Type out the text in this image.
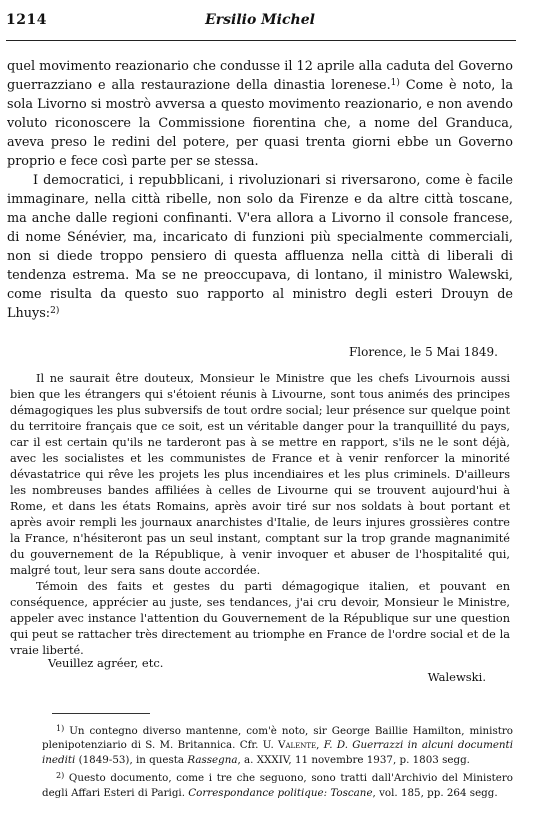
1214	Ersilio Michel

quel movimento reazionario che condusse il 12 aprile alla caduta del Governo guerrazziano e alla restaurazione della dinastia lorenese.$^{1)}$ Come è noto, la sola Livorno si mostrò avversa a questo movimento reazionario, e non avendo voluto riconoscere la Commissione fiorentina che, a nome del Granduca, aveva preso le redini del potere, per quasi trenta giorni ebbe un Governo proprio e fece così parte per se stessa.

I democratici, i repubblicani, i rivoluzionari si riversarono, come è facile immaginare, nella città ribelle, non solo da Firenze e da altre città toscane, ma anche dalle regioni confinanti. V'era allora a Livorno il console francese, di nome Sénévier, ma, incaricato di funzioni più specialmente commerciali, non si diede troppo pensiero di questa affluenza nella città di liberali di tendenza estrema. Ma se ne preoccupava, di lontano, il ministro Walewski, come risulta da questo suo rapporto al ministro degli esteri Drouyn de Lhuys:$^{2)}$

Florence, le 5 Mai 1849.

Il ne saurait être douteux, Monsieur le Ministre que les chefs Livournois aussi bien que les étrangers qui s'étoient réunis à Livourne, sont tous animés des principes démagogiques les plus subversifs de tout ordre social; leur présence sur quelque point du territoire français que ce soit, est un véritable danger pour la tranquillité du pays, car il est certain qu'ils ne tarderont pas à se mettre en rapport, s'ils ne le sont déjà, avec les socialistes et les communistes de France et à venir renforcer la minorité dévastatrice qui rêve les projets les plus incendiaires et les plus criminels. D'ailleurs les nombreuses bandes affiliées à celles de Livourne qui se trouvent aujourd'hui à Rome, et dans les états Romains, après avoir tiré sur nos soldats à bout portant et après avoir rempli les journaux anarchistes d'Italie, de leurs injures grossières contre la France, n'hésiteront pas un seul instant, comptant sur la trop grande magnanimité du gouvernement de la République, à venir invoquer et abuser de l'hospitalité qui, malgré tout, leur sera sans doute accordée.

Témoin des faits et gestes du parti démagogique italien, et pouvant en conséquence, apprécier au juste, ses tendances, j'ai cru devoir, Monsieur le Ministre, appeler avec instance l'attention du Gouvernement de la République sur une question qui peut se rattacher très directement au triomphe en France de l'ordre social et de la vraie liberté.

Veuillez agréer, etc.
Walewski.

$^{1)}$ Un contegno diverso mantenne, com'è noto, sir George Baillie Hamilton, ministro plenipotenziario di S. M. Britannica. Cfr. U. Valente, F. D. Guerrazzi in alcuni documenti inediti (1849-53), in questa Rassegna, a. XXXIV, 11 novembre 1937, p. 1803 segg.

$^{2)}$ Questo documento, come i tre che seguono, sono tratti dall'Archivio del Ministero degli Affari Esteri di Parigi. Correspondance politique: Toscane, vol. 185, pp. 264 segg.
